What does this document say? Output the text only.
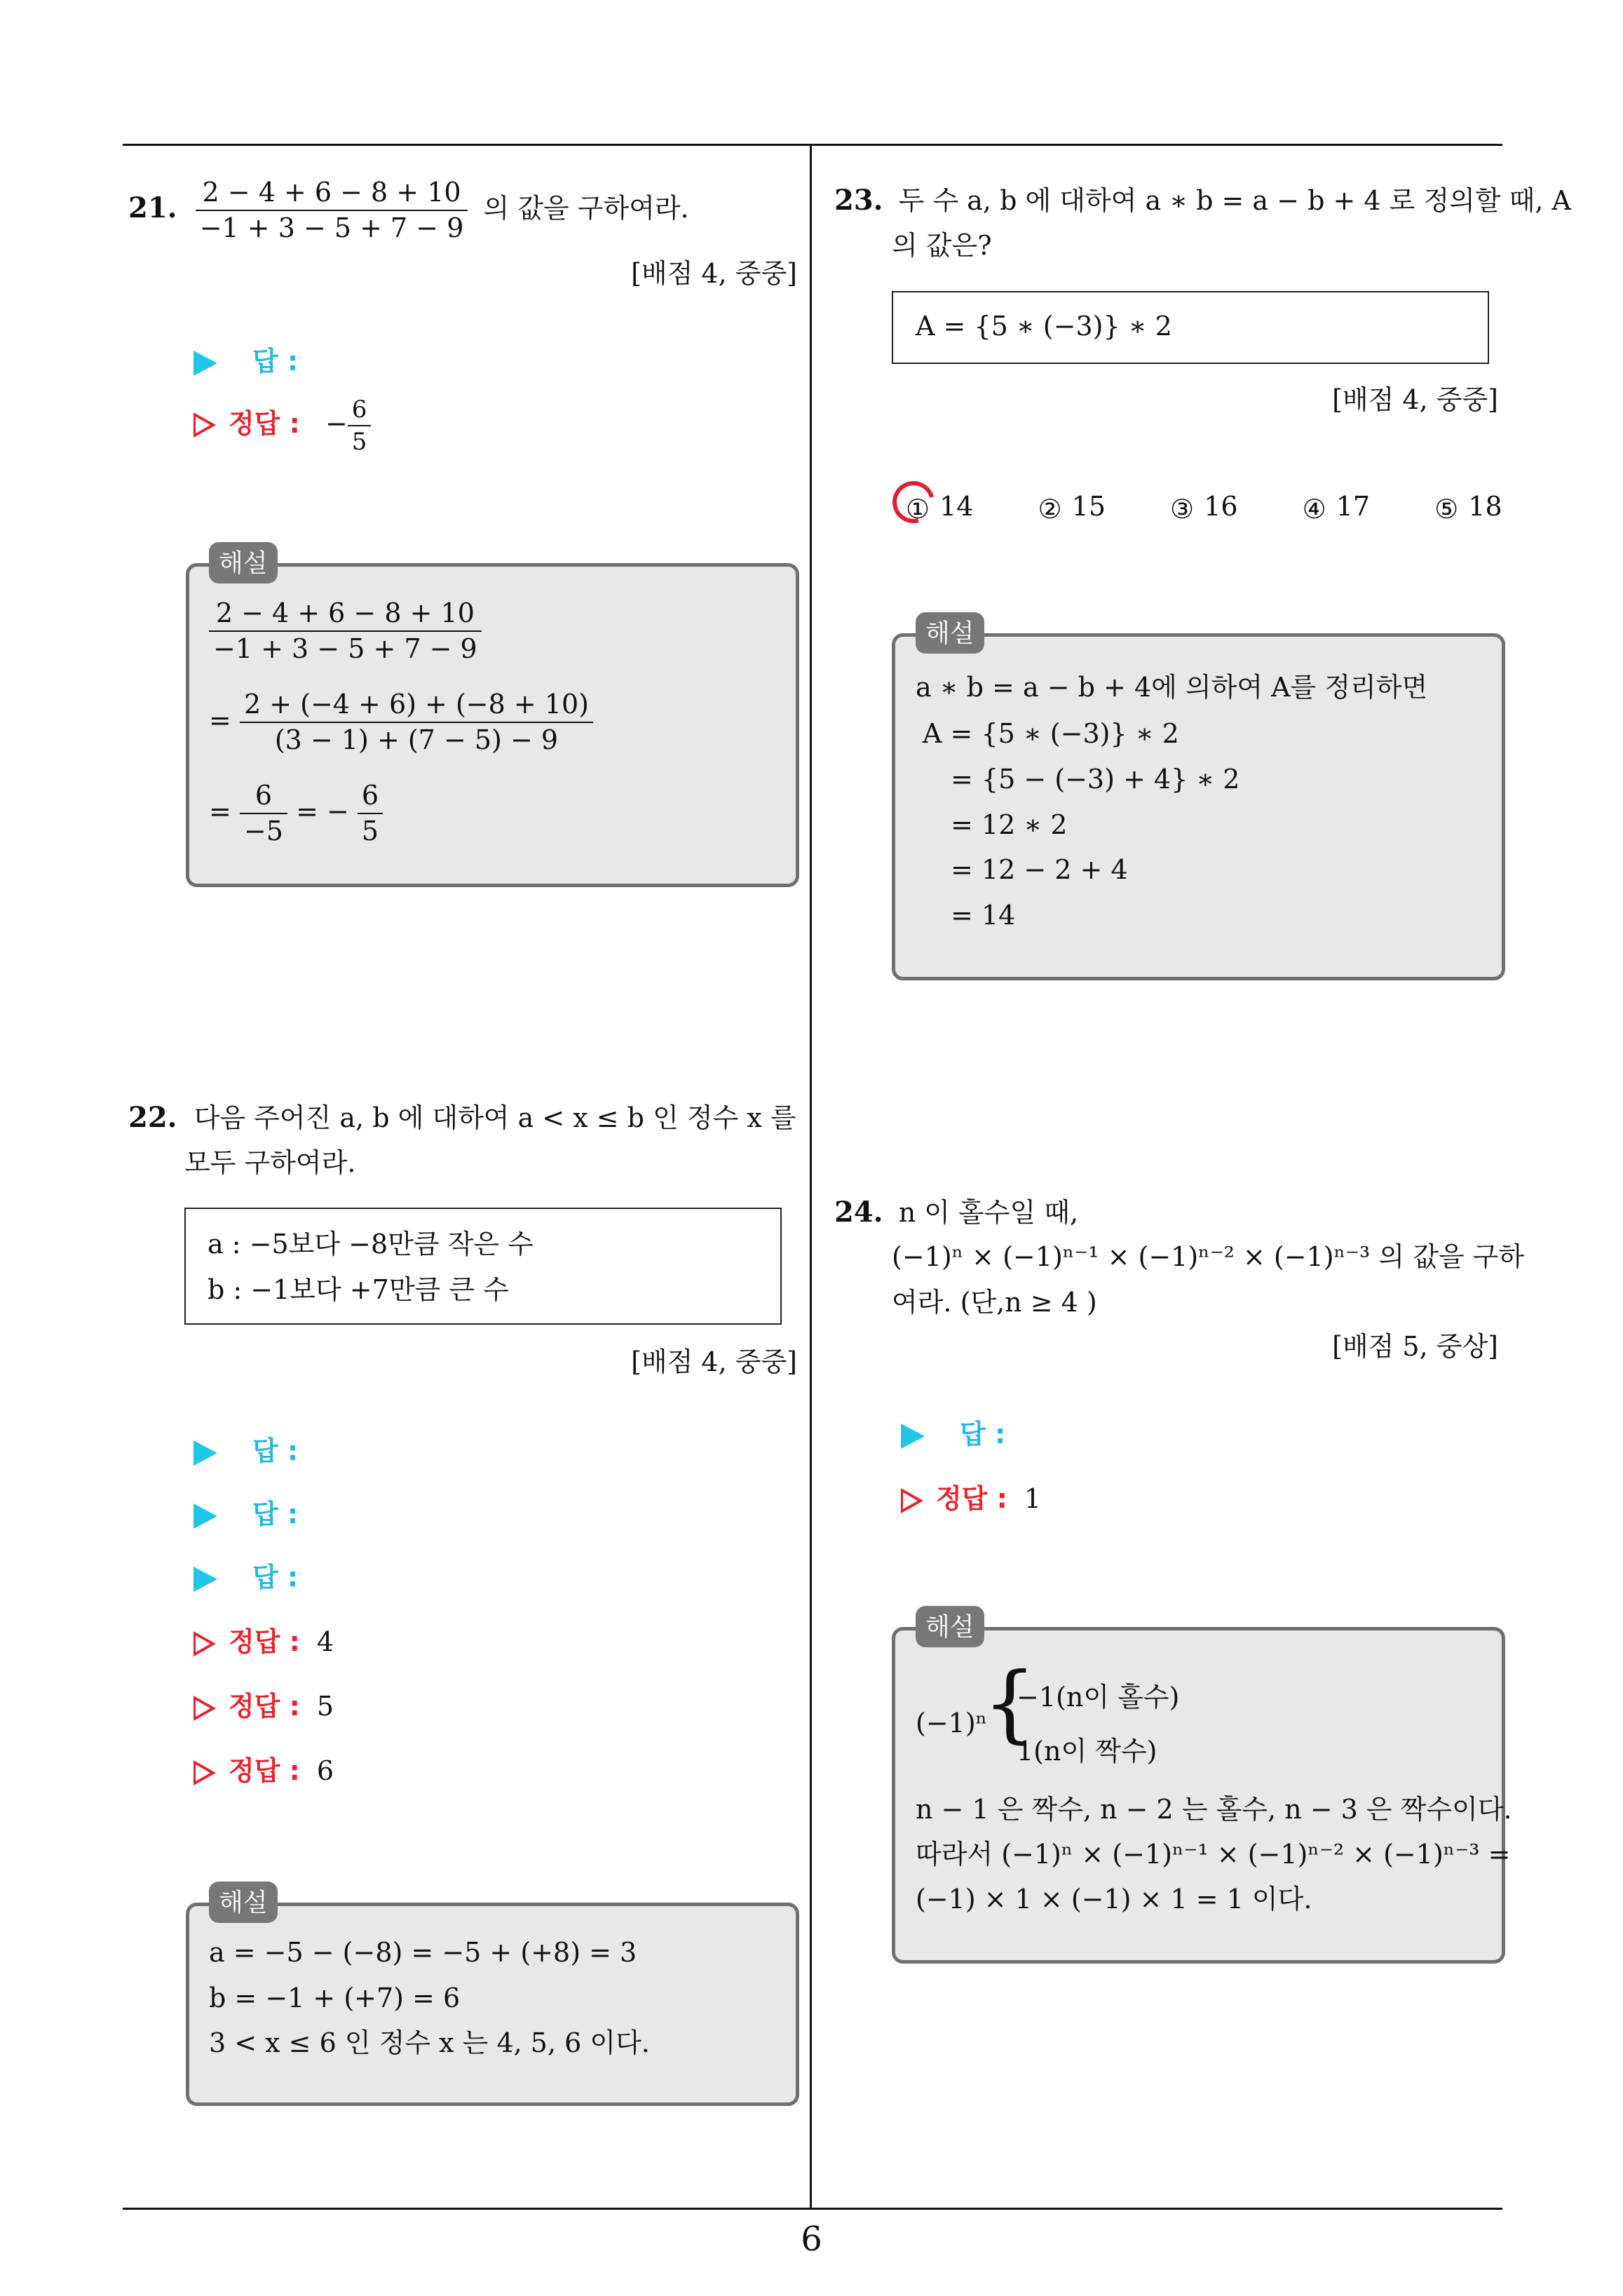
21. $\frac{2 - 4 + 6 - 8 + 10}{-1 + 3 - 5 + 7 - 9}$ 의 값을 구하여라.
[배점 4, 중중]
답 :
정답 : − $\frac{6}{5}$
해설
$\frac{2 - 4 + 6 - 8 + 10}{-1 + 3 - 5 + 7 - 9}$
= $\frac{2 + (-4 + 6) + (-8 + 10)}{(3 - 1) + (7 - 5) - 9}$
= $\frac{6}{-5}$ = − $\frac{6}{5}$
22. 다음 주어진 a, b 에 대하여 a < x ≤ b 인 정수 x 를
모두 구하여라.
a : −5보다 −8만큼 작은 수
b : −1보다 +7만큼 큰 수
[배점 4, 중중]
답 :
답 :
답 :
정답 : 4
정답 : 5
정답 : 6
해설
a = −5 − (−8) = −5 + (+8) = 3
b = −1 + (+7) = 6
3 < x ≤ 6 인 정수 x 는 4, 5, 6 이다.
23. 두 수 a, b 에 대하여 a ∗ b = a − b + 4 로 정의할 때, A
의 값은?
A = {5 ∗ (−3)} ∗ 2
[배점 4, 중중]
① 14 ② 15 ③ 16 ④ 17 ⑤ 18
해설
a ∗ b = a − b + 4에 의하여 A를 정리하면
A = {5 ∗ (−3)} ∗ 2
= {5 − (−3) + 4} ∗ 2
= 12 ∗ 2
= 12 − 2 + 4
= 14
24. n 이 홀수일 때,
(−1)ⁿ × (−1)ⁿ⁻¹ × (−1)ⁿ⁻² × (−1)ⁿ⁻³ 의 값을 구하
여라. (단,n ≥ 4 )
[배점 5, 중상]
답 :
정답 : 1
해설
(−1)ⁿ
{
−1(n이 홀수)
1(n이 짝수)
n − 1 은 짝수, n − 2 는 홀수, n − 3 은 짝수이다.
따라서 (−1)ⁿ × (−1)ⁿ⁻¹ × (−1)ⁿ⁻² × (−1)ⁿ⁻³ =
(−1) × 1 × (−1) × 1 = 1 이다.
6
